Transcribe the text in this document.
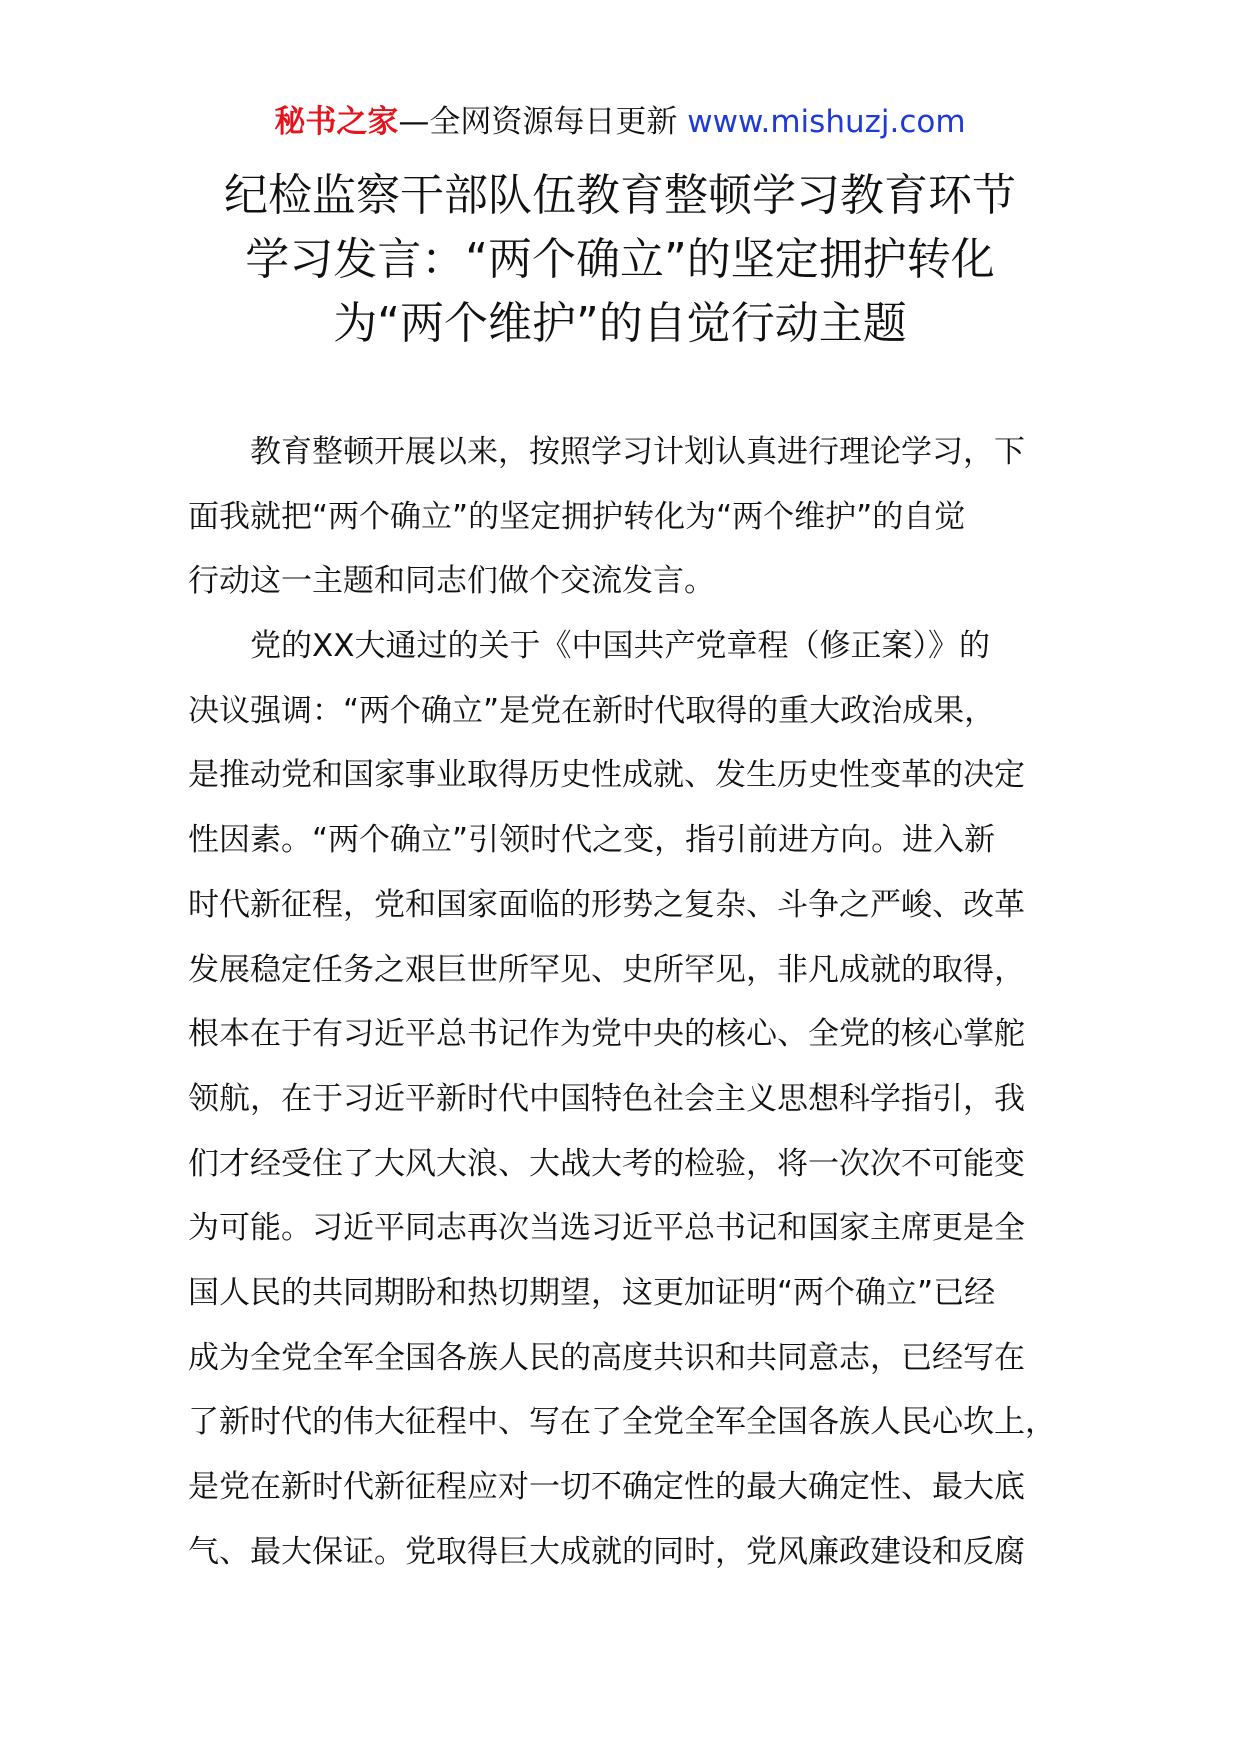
秘书之家—全网资源每日更新 www.mishuzj.com
纪检监察干部队伍教育整顿学习教育环节
学习发言：“两个确立”的坚定拥护转化
为“两个维护”的自觉行动主题
　　教育整顿开展以来，按照学习计划认真进行理论学习，下
面我就把“两个确立”的坚定拥护转化为“两个维护”的自觉
行动这一主题和同志们做个交流发言。
　　党的XX大通过的关于《中国共产党章程（修正案）》的
决议强调：“两个确立”是党在新时代取得的重大政治成果，
是推动党和国家事业取得历史性成就、发生历史性变革的决定
性因素。“两个确立”引领时代之变，指引前进方向。进入新
时代新征程，党和国家面临的形势之复杂、斗争之严峻、改革
发展稳定任务之艰巨世所罕见、史所罕见，非凡成就的取得，
根本在于有习近平总书记作为党中央的核心、全党的核心掌舵
领航，在于习近平新时代中国特色社会主义思想科学指引，我
们才经受住了大风大浪、大战大考的检验，将一次次不可能变
为可能。习近平同志再次当选习近平总书记和国家主席更是全
国人民的共同期盼和热切期望，这更加证明“两个确立”已经
成为全党全军全国各族人民的高度共识和共同意志，已经写在
了新时代的伟大征程中、写在了全党全军全国各族人民心坎上，
是党在新时代新征程应对一切不确定性的最大确定性、最大底
气、最大保证。党取得巨大成就的同时，党风廉政建设和反腐
